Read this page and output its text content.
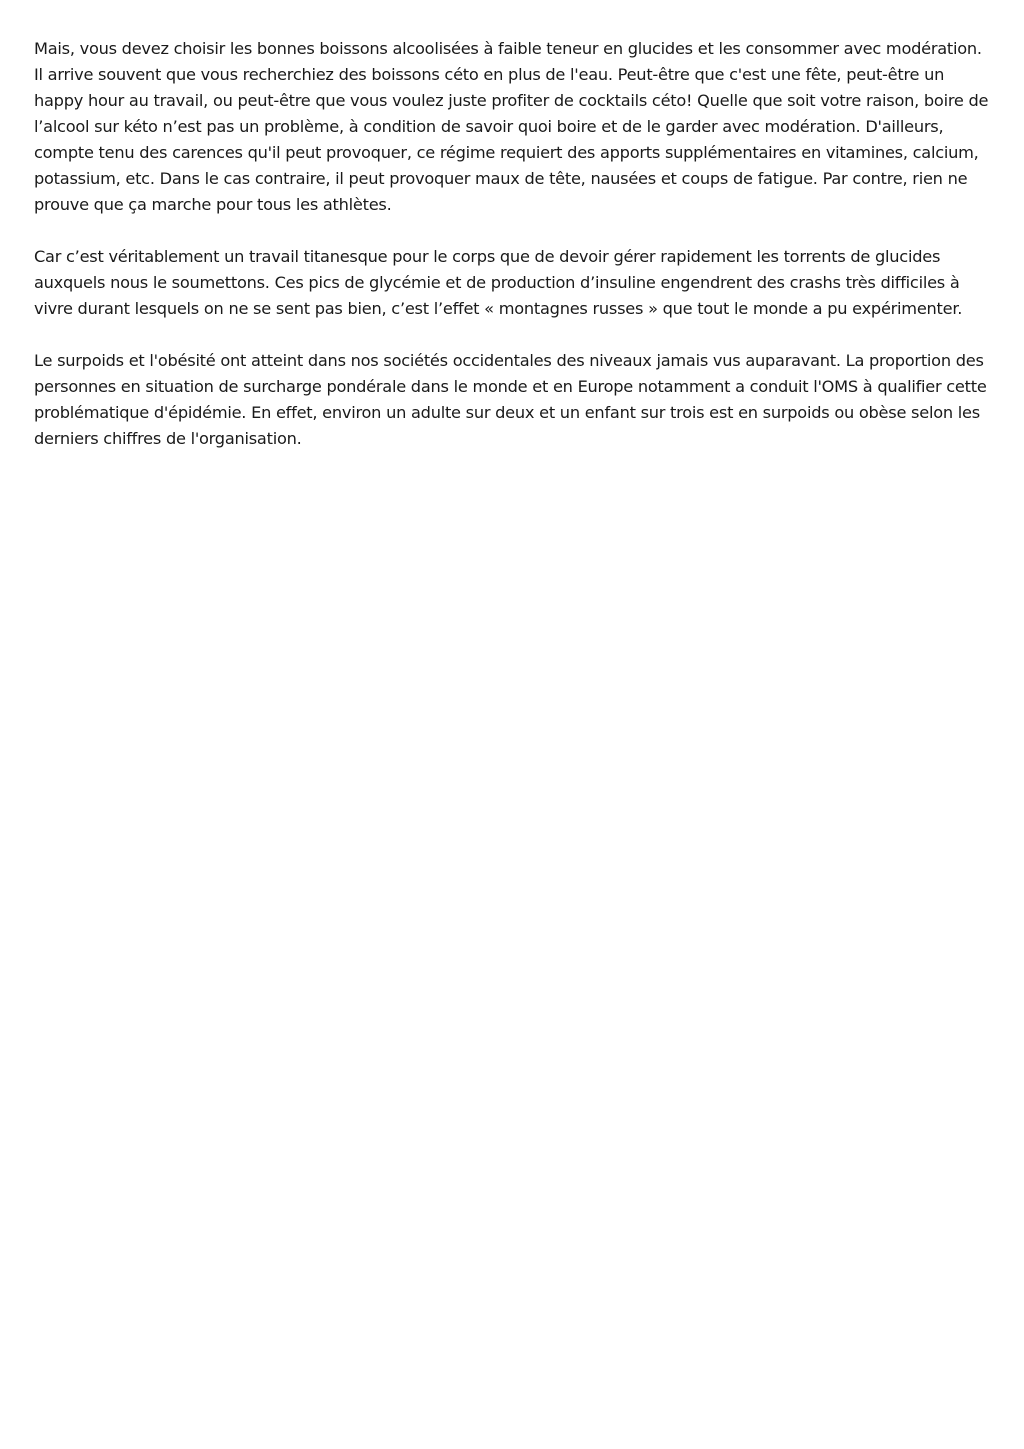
Mais, vous devez choisir les bonnes boissons alcoolisées à faible teneur en glucides et les consommer avec modération. Il arrive souvent que vous recherchiez des boissons céto en plus de l'eau. Peut-être que c'est une fête, peut-être un happy hour au travail, ou peut-être que vous voulez juste profiter de cocktails céto! Quelle que soit votre raison, boire de l’alcool sur kéto n’est pas un problème, à condition de savoir quoi boire et de le garder avec modération. D'ailleurs, compte tenu des carences qu'il peut provoquer, ce régime requiert des apports supplémentaires en vitamines, calcium, potassium, etc. Dans le cas contraire, il peut provoquer maux de tête, nausées et coups de fatigue. Par contre, rien ne prouve que ça marche pour tous les athlètes.

Car c’est véritablement un travail titanesque pour le corps que de devoir gérer rapidement les torrents de glucides auxquels nous le soumettons. Ces pics de glycémie et de production d’insuline engendrent des crashs très difficiles à vivre durant lesquels on ne se sent pas bien, c’est l’effet « montagnes russes » que tout le monde a pu expérimenter.

Le surpoids et l'obésité ont atteint dans nos sociétés occidentales des niveaux jamais vus auparavant. La proportion des personnes en situation de surcharge pondérale dans le monde et en Europe notamment a conduit l'OMS à qualifier cette problématique d'épidémie. En effet, environ un adulte sur deux et un enfant sur trois est en surpoids ou obèse selon les derniers chiffres de l'organisation.
